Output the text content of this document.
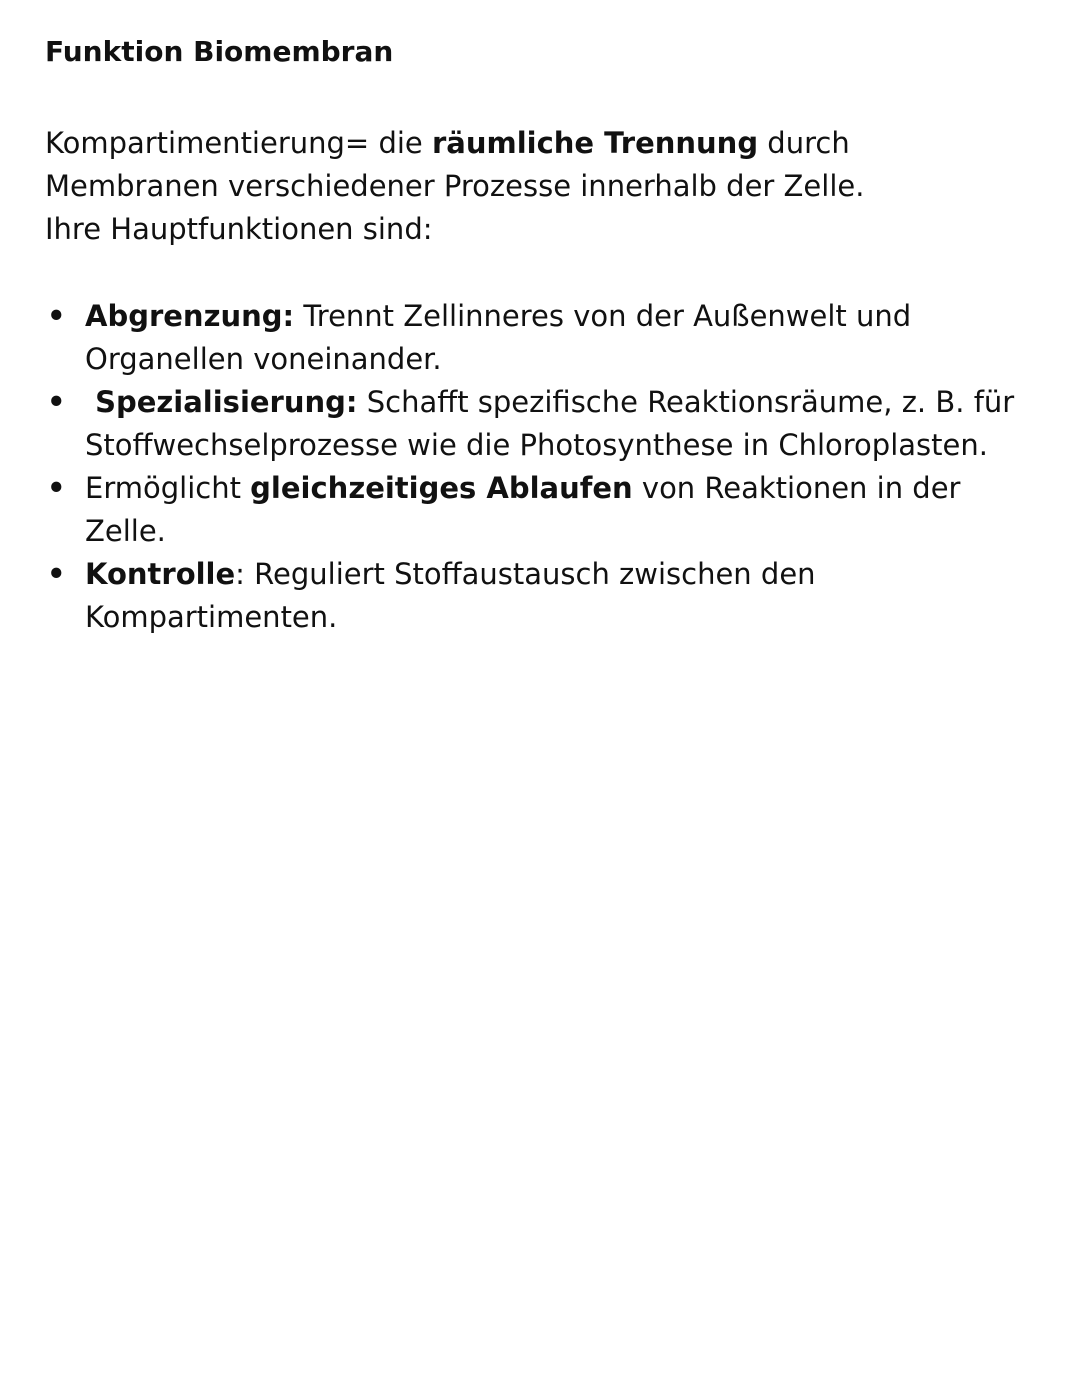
Funktion Biomembran

Kompartimentierung= die räumliche Trennung durch Membranen verschiedener Prozesse innerhalb der Zelle.

Ihre Hauptfunktionen sind:

• Abgrenzung: Trennt Zellinneres von der Außenwelt und Organellen voneinander.
• Spezialisierung: Schafft spezifische Reaktionsräume, z. B. für Stoffwechselprozesse wie die Photosynthese in Chloroplasten.
• Ermöglicht gleichzeitiges Ablaufen von Reaktionen in der Zelle.
• Kontrolle: Reguliert Stoffaustausch zwischen den Kompartimenten.
